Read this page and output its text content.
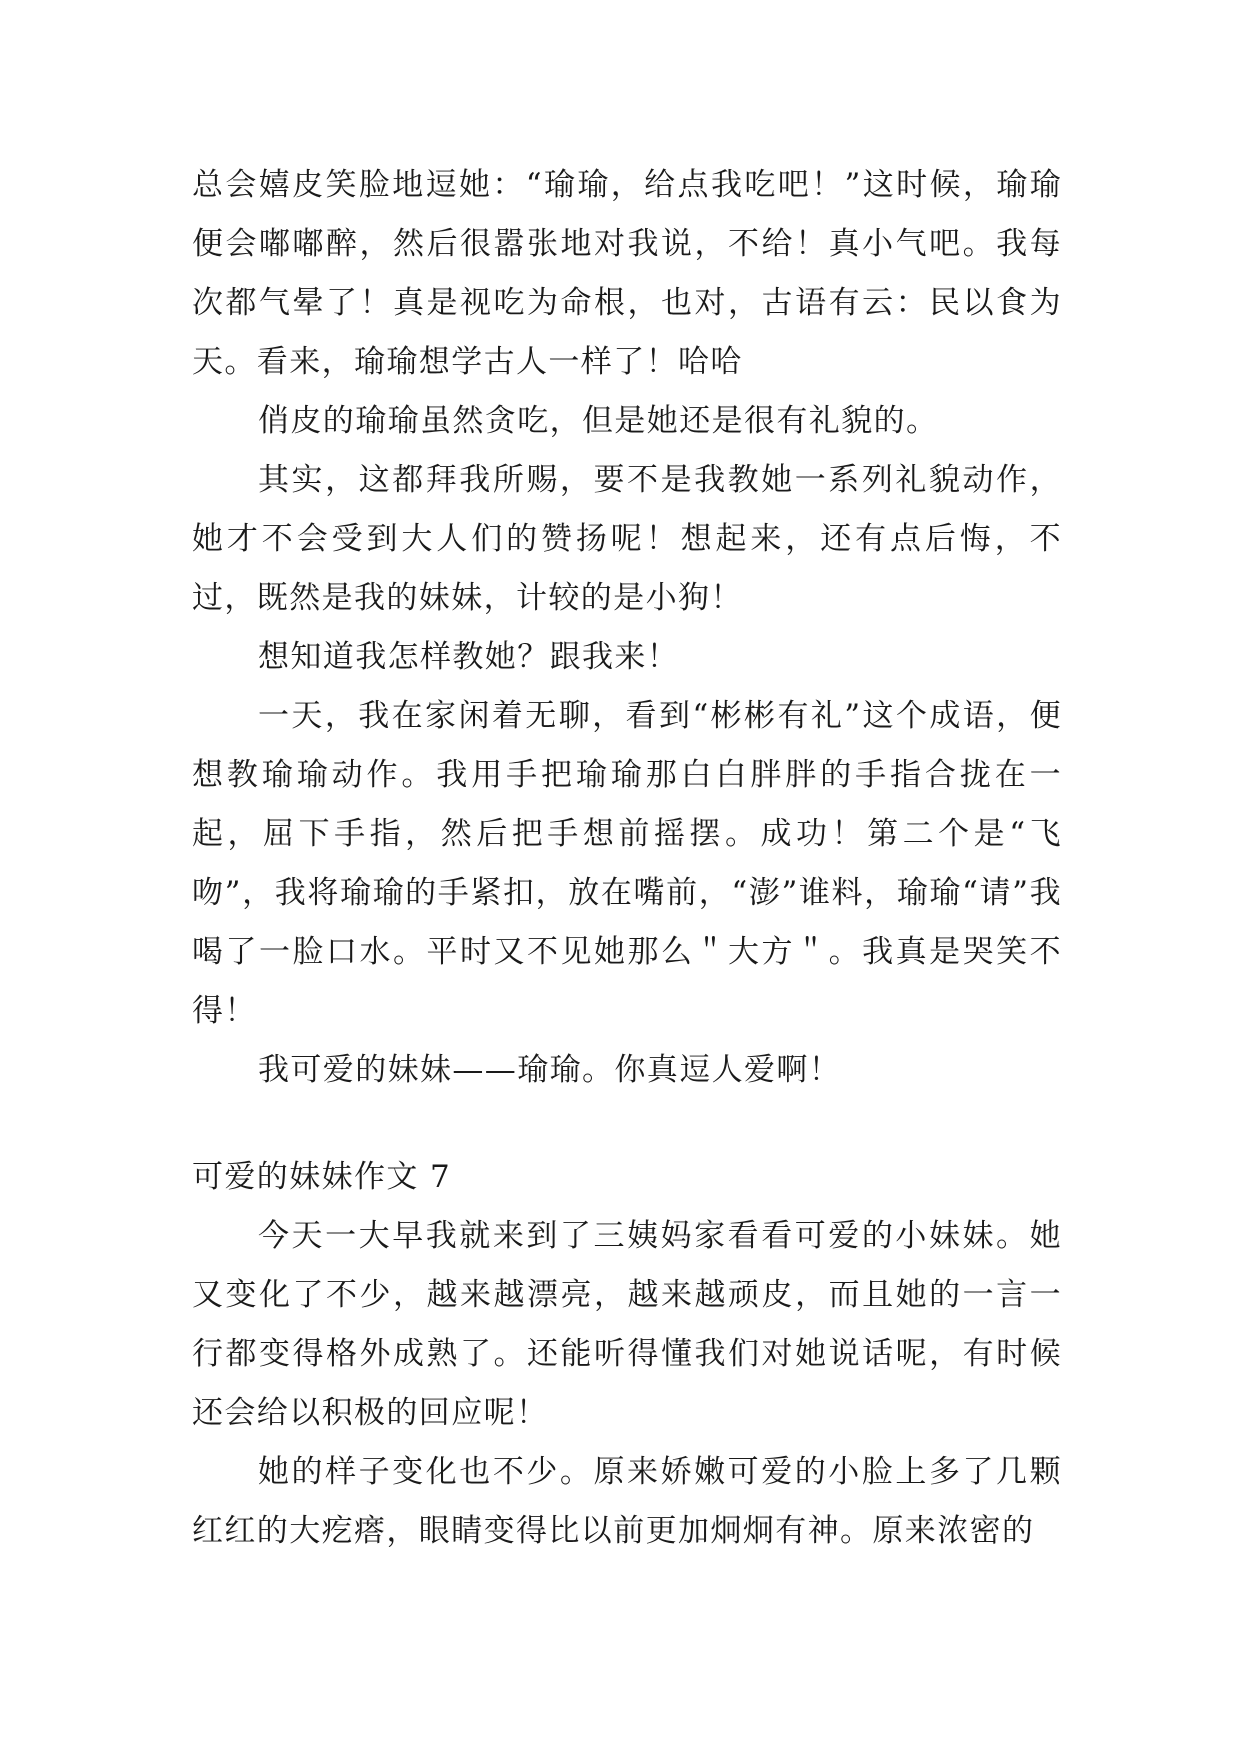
总会嬉皮笑脸地逗她：“瑜瑜，给点我吃吧！”这时候，瑜瑜便会嘟嘟醉，然后很嚣张地对我说，不给！真小气吧。我每次都气晕了！真是视吃为命根，也对，古语有云：民以食为天。看来，瑜瑜想学古人一样了！哈哈

俏皮的瑜瑜虽然贪吃，但是她还是很有礼貌的。

其实，这都拜我所赐，要不是我教她一系列礼貌动作，她才不会受到大人们的赞扬呢！想起来，还有点后悔，不过，既然是我的妹妹，计较的是小狗！

想知道我怎样教她？跟我来！

一天，我在家闲着无聊，看到“彬彬有礼”这个成语，便想教瑜瑜动作。我用手把瑜瑜那白白胖胖的手指合拢在一起，屈下手指，然后把手想前摇摆。成功！第二个是“飞吻”，我将瑜瑜的手紧扣，放在嘴前，“澎”谁料，瑜瑜“请”我喝了一脸口水。平时又不见她那么＂大方＂。我真是哭笑不得！

我可爱的妹妹——瑜瑜。你真逗人爱啊！

可爱的妹妹作文 7

今天一大早我就来到了三姨妈家看看可爱的小妹妹。她又变化了不少，越来越漂亮，越来越顽皮，而且她的一言一行都变得格外成熟了。还能听得懂我们对她说话呢，有时候还会给以积极的回应呢！

她的样子变化也不少。原来娇嫩可爱的小脸上多了几颗红红的大疙瘩，眼睛变得比以前更加炯炯有神。原来浓密的
